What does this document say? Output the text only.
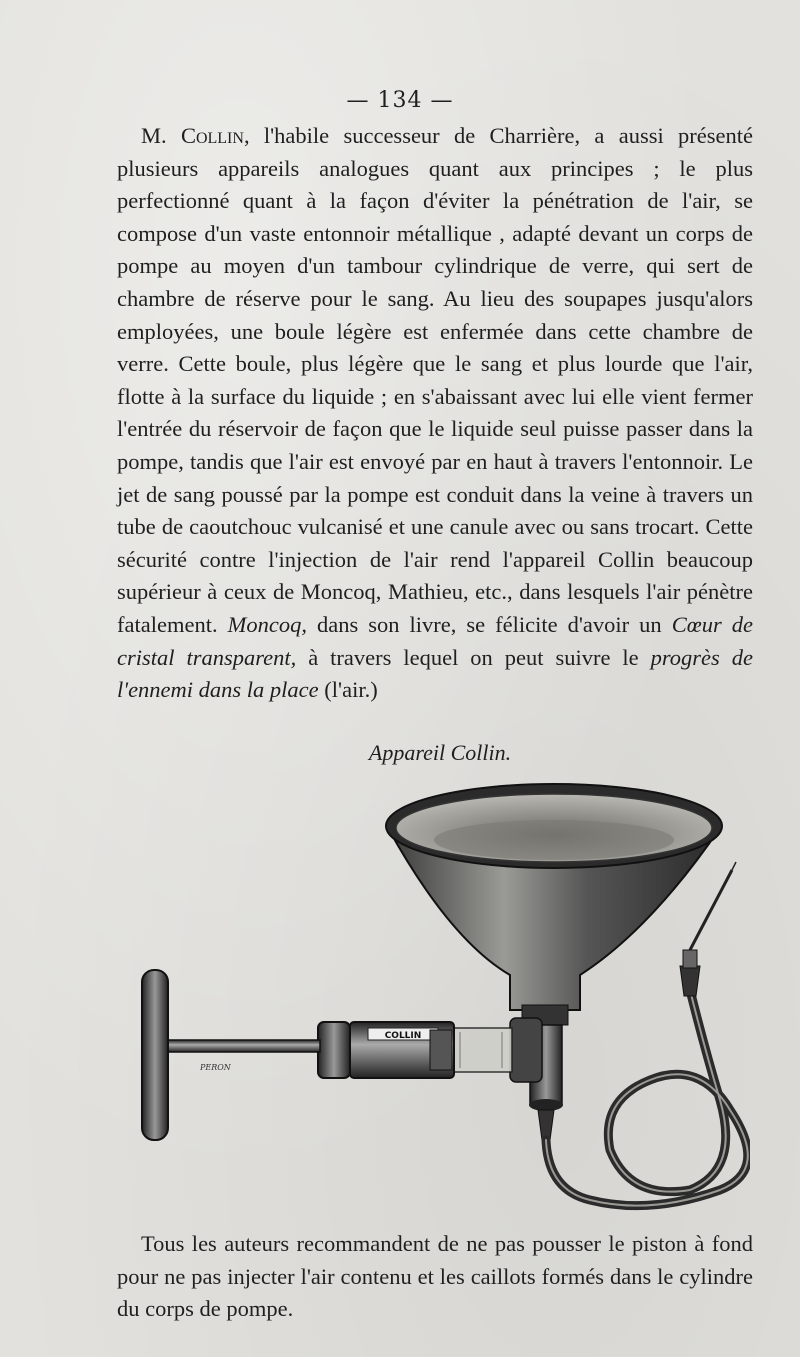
— 134 —

M. Collin, l'habile successeur de Charrière, a aussi présenté plusieurs appareils analogues quant aux principes ; le plus perfectionné quant à la façon d'éviter la pénétration de l'air, se compose d'un vaste entonnoir métallique , adapté devant un corps de pompe au moyen d'un tambour cylindrique de verre, qui sert de chambre de réserve pour le sang. Au lieu des soupapes jusqu'alors employées, une boule légère est enfermée dans cette chambre de verre. Cette boule, plus légère que le sang et plus lourde que l'air, flotte à la surface du liquide ; en s'abaissant avec lui elle vient fermer l'entrée du réservoir de façon que le liquide seul puisse passer dans la pompe, tandis que l'air est envoyé par en haut à travers l'entonnoir. Le jet de sang poussé par la pompe est conduit dans la veine à travers un tube de caoutchouc vulcanisé et une canule avec ou sans trocart. Cette sécurité contre l'injection de l'air rend l'appareil Collin beaucoup supérieur à ceux de Moncoq, Mathieu, etc., dans lesquels l'air pénètre fatalement. Moncoq, dans son livre, se félicite d'avoir un Cœur de cristal transparent, à travers lequel on peut suivre le progrès de l'ennemi dans la place (l'air.)

Appareil Collin.
COLLIN
PERON

Tous les auteurs recommandent de ne pas pousser le piston à fond pour ne pas injecter l'air contenu et les caillots formés dans le cylindre du corps de pompe.
